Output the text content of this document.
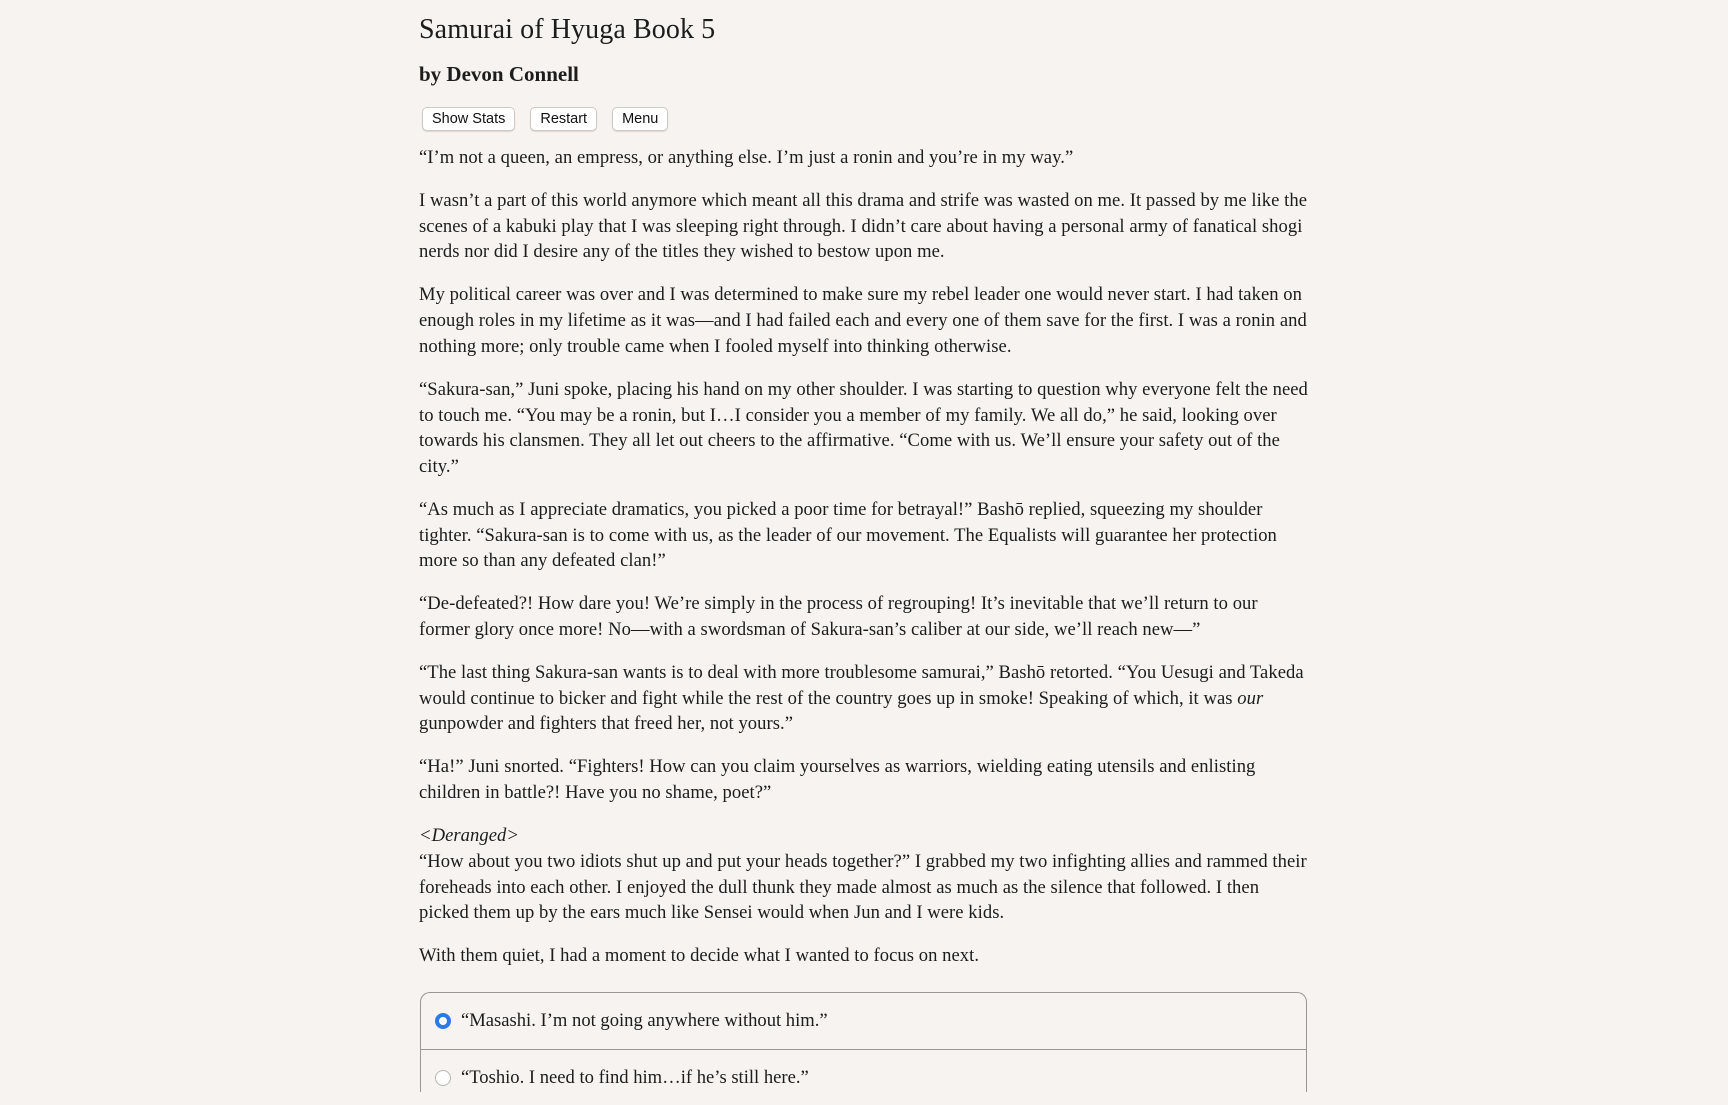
Samurai of Hyuga Book 5
by Devon Connell
Show Stats	Restart	Menu

“I’m not a queen, an empress, or anything else. I’m just a ronin and you’re in my way.”

I wasn’t a part of this world anymore which meant all this drama and strife was wasted on me. It passed by me like the scenes of a kabuki play that I was sleeping right through. I didn’t care about having a personal army of fanatical shogi nerds nor did I desire any of the titles they wished to bestow upon me.

My political career was over and I was determined to make sure my rebel leader one would never start. I had taken on enough roles in my lifetime as it was—and I had failed each and every one of them save for the first. I was a ronin and nothing more; only trouble came when I fooled myself into thinking otherwise.

“Sakura-san,” Juni spoke, placing his hand on my other shoulder. I was starting to question why everyone felt the need to touch me. “You may be a ronin, but I…I consider you a member of my family. We all do,” he said, looking over towards his clansmen. They all let out cheers to the affirmative. “Come with us. We’ll ensure your safety out of the city.”

“As much as I appreciate dramatics, you picked a poor time for betrayal!” Bashō replied, squeezing my shoulder tighter. “Sakura-san is to come with us, as the leader of our movement. The Equalists will guarantee her protection more so than any defeated clan!”

“De-defeated?! How dare you! We’re simply in the process of regrouping! It’s inevitable that we’ll return to our former glory once more! No—with a swordsman of Sakura-san’s caliber at our side, we’ll reach new—”

“The last thing Sakura-san wants is to deal with more troublesome samurai,” Bashō retorted. “You Uesugi and Takeda would continue to bicker and fight while the rest of the country goes up in smoke! Speaking of which, it was our gunpowder and fighters that freed her, not yours.”

“Ha!” Juni snorted. “Fighters! How can you claim yourselves as warriors, wielding eating utensils and enlisting children in battle?! Have you no shame, poet?”

<Deranged>
“How about you two idiots shut up and put your heads together?” I grabbed my two infighting allies and rammed their foreheads into each other. I enjoyed the dull thunk they made almost as much as the silence that followed. I then picked them up by the ears much like Sensei would when Jun and I were kids.

With them quiet, I had a moment to decide what I wanted to focus on next.

“Masashi. I’m not going anywhere without him.”
“Toshio. I need to find him…if he’s still here.”
